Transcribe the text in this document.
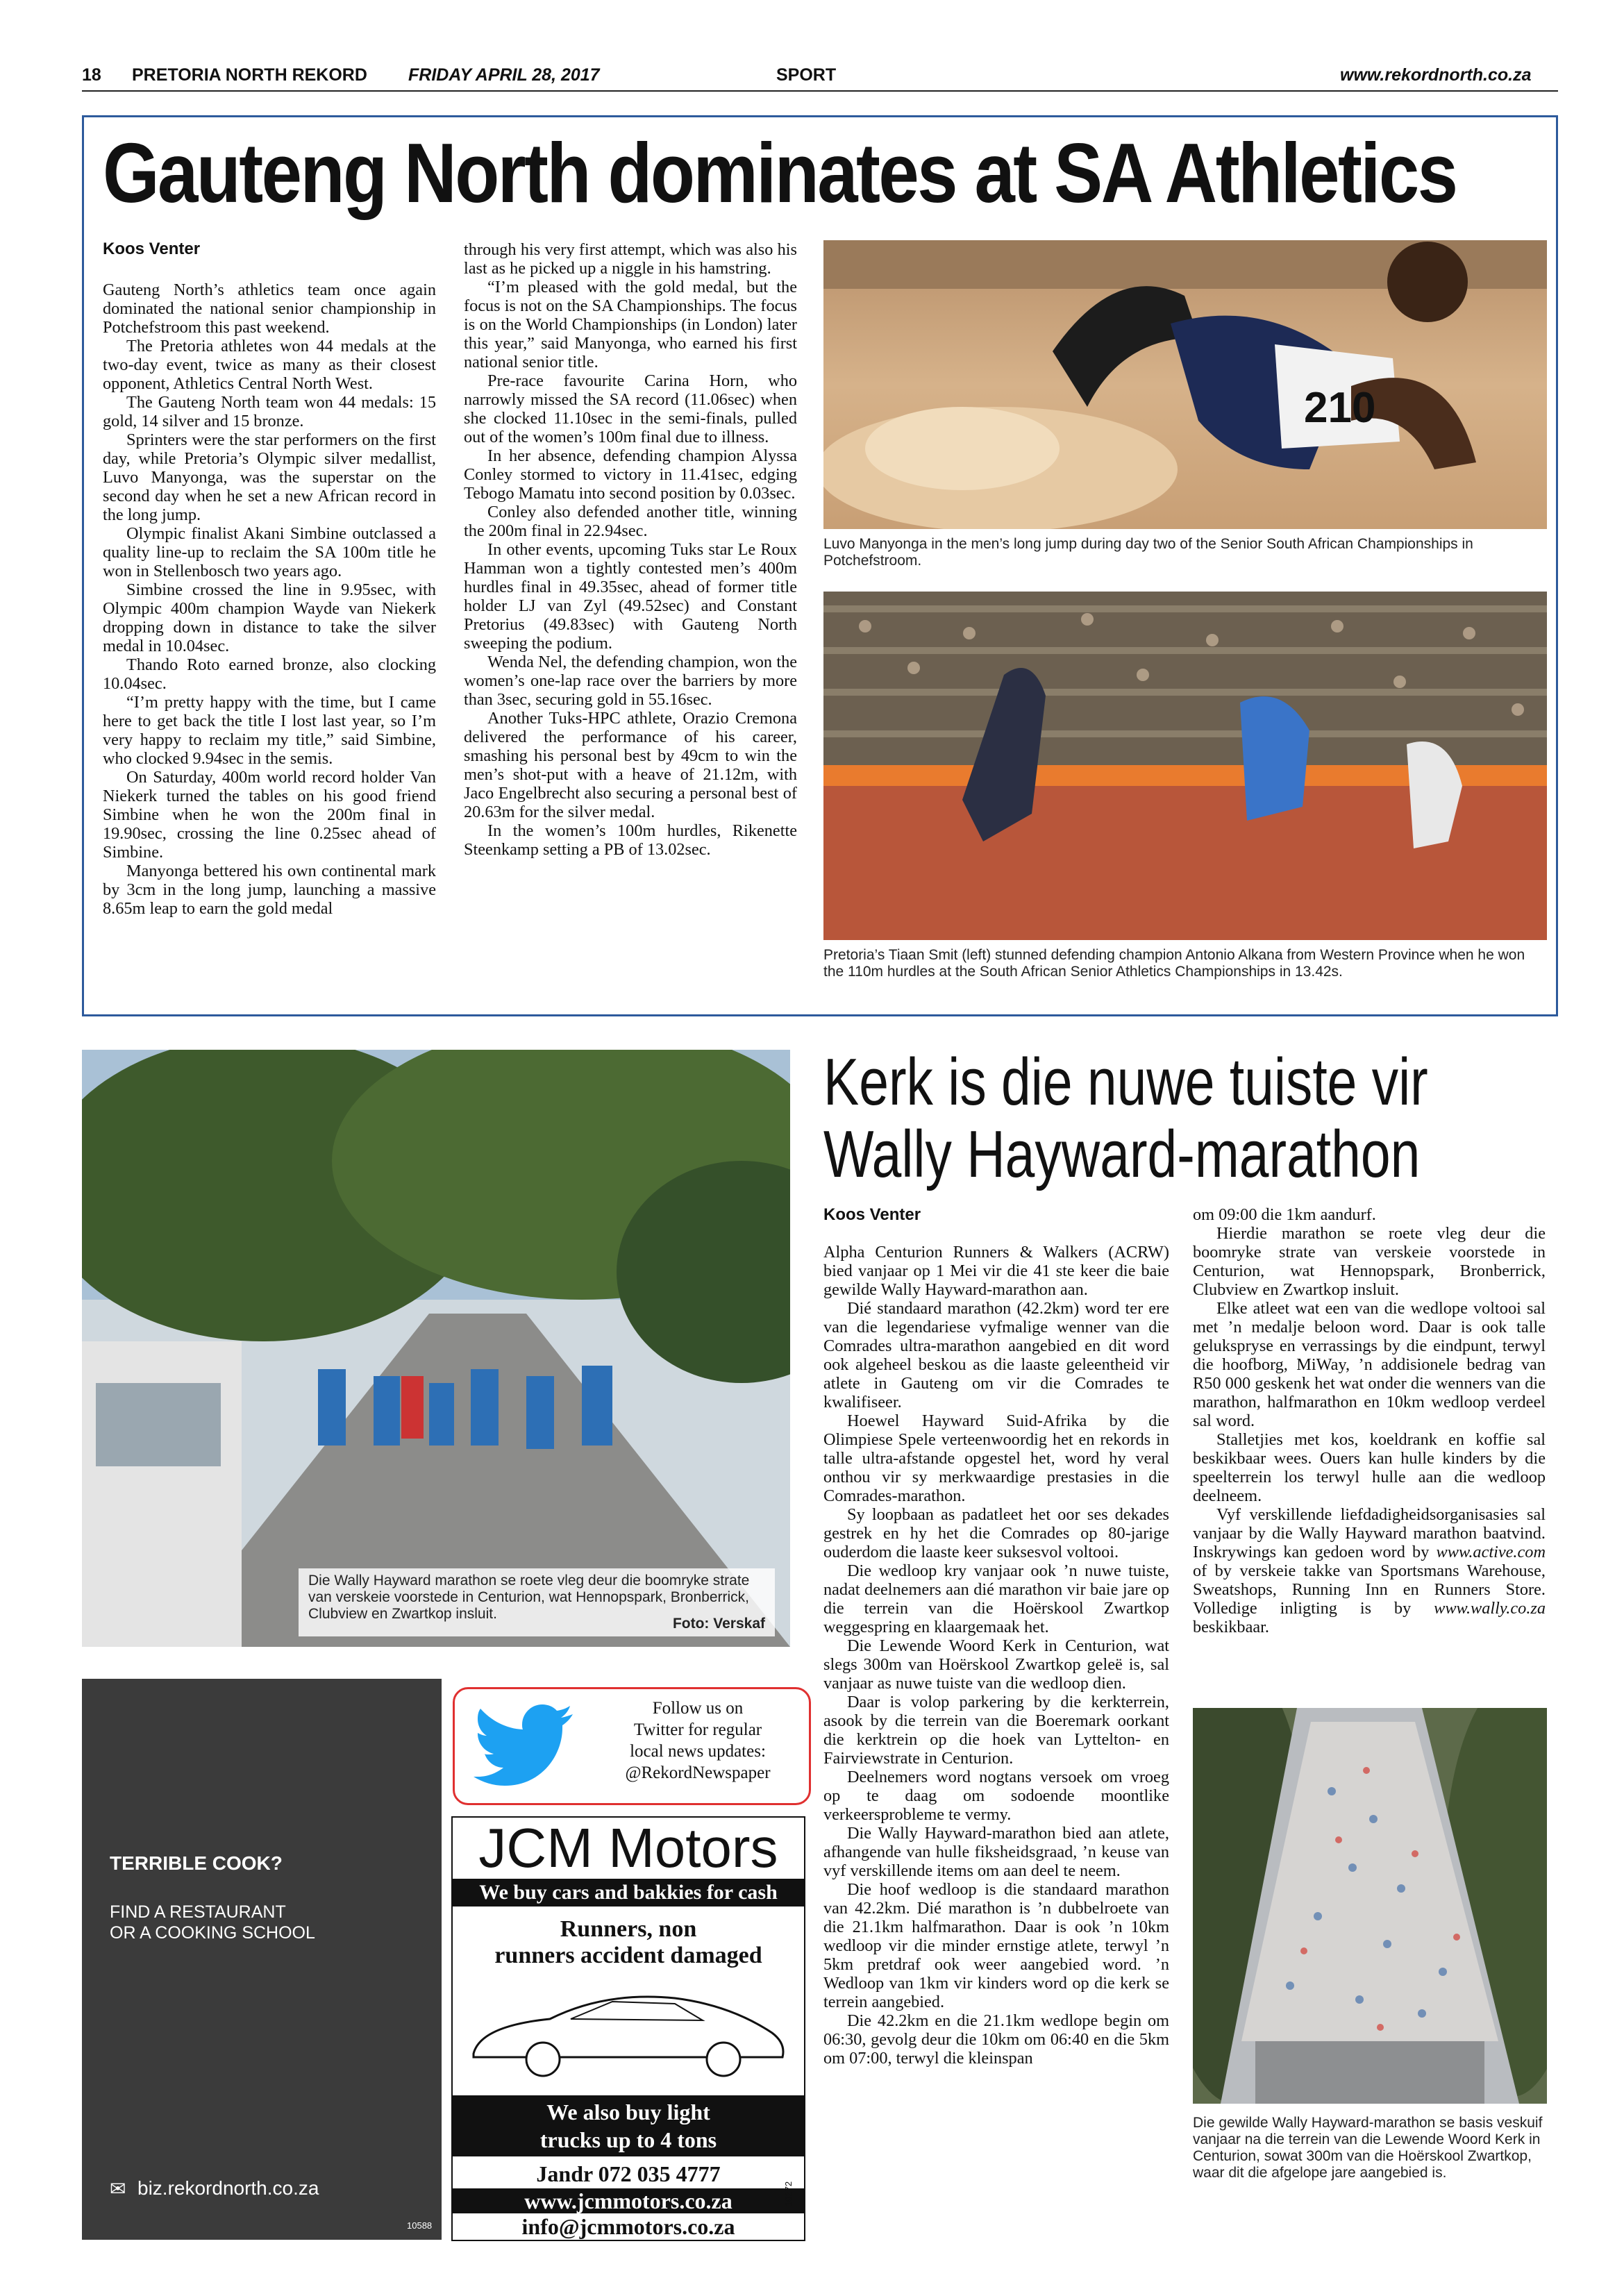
18 PRETORIA NORTH REKORD FRIDAY APRIL 28, 2017	SPORT	www.rekordnorth.co.za
Gauteng North dominates at SA Athletics
Koos Venter

Gauteng North’s athletics team once again dominated the national senior championship in Potchefstroom this past weekend.

The Pretoria athletes won 44 medals at the two-day event, twice as many as their closest opponent, Athletics Central North West.

The Gauteng North team won 44 medals: 15 gold, 14 silver and 15 bronze.

Sprinters were the star performers on the first day, while Pretoria’s Olympic silver medallist, Luvo Manyonga, was the superstar on the second day when he set a new African record in the long jump.

Olympic finalist Akani Simbine outclassed a quality line-up to reclaim the SA 100m title he won in Stellenbosch two years ago.

Simbine crossed the line in 9.95sec, with Olympic 400m champion Wayde van Niekerk dropping down in distance to take the silver medal in 10.04sec.

Thando Roto earned bronze, also clocking 10.04sec.

“I’m pretty happy with the time, but I came here to get back the title I lost last year, so I’m very happy to reclaim my title,” said Simbine, who clocked 9.94sec in the semis.

On Saturday, 400m world record holder Van Niekerk turned the tables on his good friend Simbine when he won the 200m final in 19.90sec, crossing the line 0.25sec ahead of Simbine.

Manyonga bettered his own continental mark by 3cm in the long jump, launching a massive 8.65m leap to earn the gold medal

through his very first attempt, which was also his last as he picked up a niggle in his hamstring.

“I’m pleased with the gold medal, but the focus is not on the SA Championships. The focus is on the World Championships (in London) later this year,” said Manyonga, who earned his first national senior title.

Pre-race favourite Carina Horn, who narrowly missed the SA record (11.06sec) when she clocked 11.10sec in the semi-finals, pulled out of the women’s 100m final due to illness.

In her absence, defending champion Alyssa Conley stormed to victory in 11.41sec, edging Tebogo Mamatu into second position by 0.03sec.

Conley also defended another title, winning the 200m final in 22.94sec.

In other events, upcoming Tuks star Le Roux Hamman won a tightly contested men’s 400m hurdles final in 49.35sec, ahead of former title holder LJ van Zyl (49.52sec) and Constant Pretorius (49.83sec) with Gauteng North sweeping the podium.

Wenda Nel, the defending champion, won the women’s one-lap race over the barriers by more than 3sec, securing gold in 55.16sec.

Another Tuks-HPC athlete, Orazio Cremona delivered the performance of his career, smashing his personal best by 49cm to win the men’s shot-put with a heave of 21.12m, with Jaco Engelbrecht also securing a personal best of 20.63m for the silver medal.

In the women’s 100m hurdles, Rikenette Steenkamp setting a PB of 13.02sec.

210
Luvo Manyonga in the men’s long jump during day two of the Senior South African Championships in Potchefstroom.
Pretoria’s Tiaan Smit (left) stunned defending champion Antonio Alkana from Western Province when he won the 110m hurdles at the South African Senior Athletics Championships in 13.42s.
Die Wally Hayward marathon se roete vleg deur die boomryke strate van verskeie voorstede in Centurion, wat Hennopspark, Bronberrick, Clubview en Zwartkop insluit.
Foto: Verskaf
Kerk is die nuwe tuiste vir
Wally Hayward-marathon
Koos Venter

Alpha Centurion Runners & Walkers (ACRW) bied vanjaar op 1 Mei vir die 41 ste keer die baie gewilde Wally Hayward-marathon aan.

Dié standaard marathon (42.2km) word ter ere van die legendariese vyfmalige wenner van die Comrades ultra-marathon aangebied en dit word ook algeheel beskou as die laaste geleentheid vir atlete in Gauteng om vir die Comrades te kwalifiseer.

Hoewel Hayward Suid-Afrika by die Olimpiese Spele verteenwoordig het en rekords in talle ultra-afstande opgestel het, word hy veral onthou vir sy merkwaardige prestasies in die Comrades-marathon.

Sy loopbaan as padatleet het oor ses dekades gestrek en hy het die Comrades op 80-jarige ouderdom die laaste keer suksesvol voltooi.

Die wedloop kry vanjaar ook ’n nuwe tuiste, nadat deelnemers aan dié marathon vir baie jare op die terrein van die Hoërskool Zwartkop weggespring en klaargemaak het.

Die Lewende Woord Kerk in Centurion, wat slegs 300m van Hoërskool Zwartkop geleë is, sal vanjaar as nuwe tuiste van die wedloop dien.

Daar is volop parkering by die kerkterrein, asook by die terrein van die Boeremark oorkant die kerktrein op die hoek van Lyttelton- en Fairviewstrate in Centurion.

Deelnemers word nogtans versoek om vroeg op te daag om sodoende moontlike verkeersprobleme te vermy.

Die Wally Hayward-marathon bied aan atlete, afhangende van hulle fiksheidsgraad, ’n keuse van vyf verskillende items om aan deel te neem.

Die hoof wedloop is die standaard marathon van 42.2km. Dié marathon is ’n dubbelroete van die 21.1km halfmarathon. Daar is ook ’n 10km wedloop vir die minder ernstige atlete, terwyl ’n 5km pretdraf ook weer aangebied word. ’n Wedloop van 1km vir kinders word op die kerk se terrein aangebied.

Die 42.2km en die 21.1km wedlope begin om 06:30, gevolg deur die 10km om 06:40 en die 5km om 07:00, terwyl die kleinspan

om 09:00 die 1km aandurf.

Hierdie marathon se roete vleg deur die boomryke strate van verskeie voorstede in Centurion, wat Hennopspark, Bronberrick, Clubview en Zwartkop insluit.

Elke atleet wat een van die wedlope voltooi sal met ’n medalje beloon word. Daar is ook talle gelukspryse en verrassings by die eindpunt, terwyl die hoofborg, MiWay, ’n addisionele bedrag van R50 000 geskenk het wat onder die wenners van die marathon, halfmarathon en 10km wedloop verdeel sal word.

Stalletjies met kos, koeldrank en koffie sal beskikbaar wees. Ouers kan hulle kinders by die speelterrein los terwyl hulle aan die wedloop deelneem.

Vyf verskillende liefdadigheidsorganisasies sal vanjaar by die Wally Hayward marathon baatvind. Inskrywings kan gedoen word by www.active.com of by verskeie takke van Sportsmans Warehouse, Sweatshops, Running Inn en Runners Store. Volledige inligting is by www.wally.co.za beskikbaar.

Die gewilde Wally Hayward-marathon se basis veskuif vanjaar na die terrein van die Lewende Woord Kerk in Centurion, sowat 300m van die Hoërskool Zwartkop, waar dit die afgelope jare aangebied is.
TERRIBLE COOK?
FIND A RESTAURANT
OR A COOKING SCHOOL
✉ biz.rekordnorth.co.za
10588
Follow us on
Twitter for regular
local news updates:
@RekordNewspaper
JCM Motors
We buy cars and bakkies for cash
Runners, non
runners accident damaged
We also buy light
trucks up to 4 tons
Jandr 072 035 4777
www.jcmmotors.co.za
info@jcmmotors.co.za
10272
